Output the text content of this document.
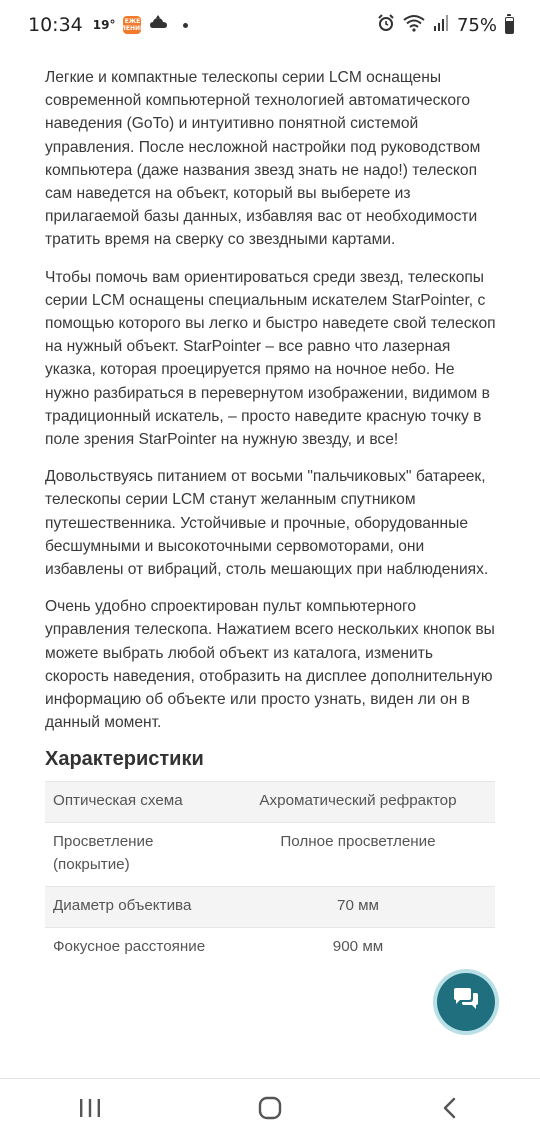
10:34 19° ЕЖЕ ЛЕНИЕ	75%

Легкие и компактные телескопы серии LCM оснащены современной компьютерной технологией автоматического наведения (GoTo) и интуитивно понятной системой управления. После несложной настройки под руководством компьютера (даже названия звезд знать не надо!) телескоп сам наведется на объект, который вы выберете из прилагаемой базы данных, избавляя вас от необходимости тратить время на сверку со звездными картами.

Чтобы помочь вам ориентироваться среди звезд, телескопы серии LCM оснащены специальным искателем StarPointer, с помощью которого вы легко и быстро наведете свой телескоп на нужный объект. StarPointer – все равно что лазерная указка, которая проецируется прямо на ночное небо. Не нужно разбираться в перевернутом изображении, видимом в традиционный искатель, – просто наведите красную точку в поле зрения StarPointer на нужную звезду, и все!

Довольствуясь питанием от восьми "пальчиковых" батареек, телескопы серии LCM станут желанным спутником путешественника. Устойчивые и прочные, оборудованные бесшумными и высокоточными сервомоторами, они избавлены от вибраций, столь мешающих при наблюдениях.

Очень удобно спроектирован пульт компьютерного управления телескопа. Нажатием всего нескольких кнопок вы можете выбрать любой объект из каталога, изменить скорость наведения, отобразить на дисплее дополнительную информацию об объекте или просто узнать, виден ли он в данный момент.

Характеристики
Оптическая схема	Ахроматический рефрактор
Просветление (покрытие)	Полное просветление
Диаметр объектива	70 мм
Фокусное расстояние	900 мм
